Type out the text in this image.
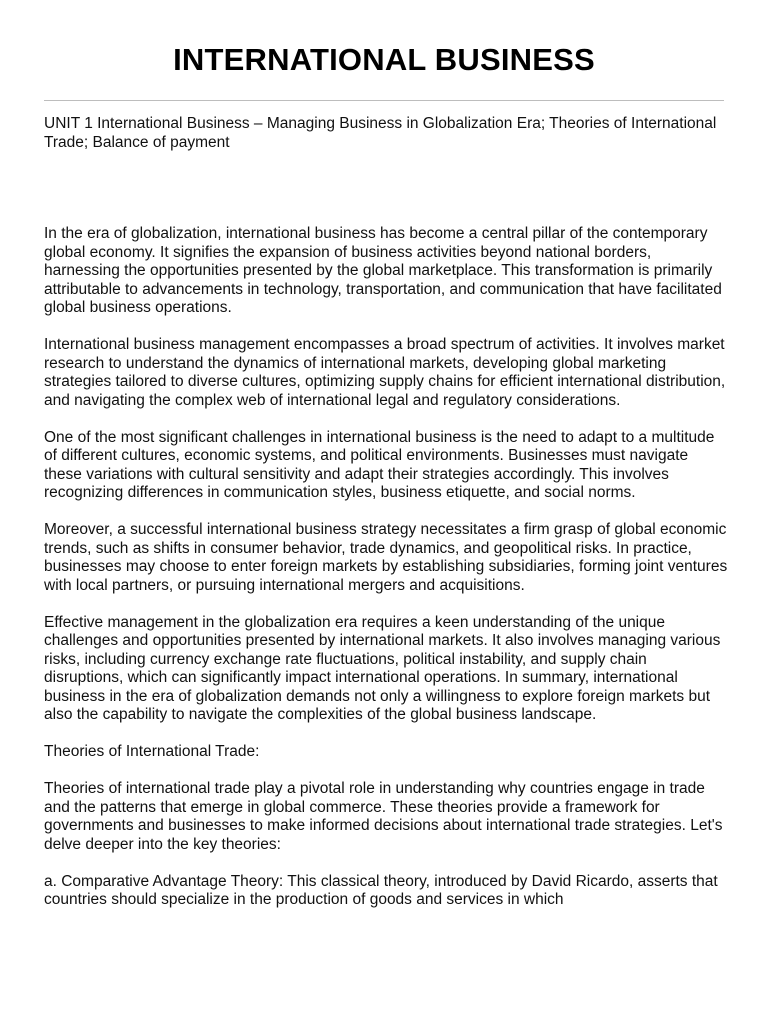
INTERNATIONAL BUSINESS

UNIT 1 International Business – Managing Business in Globalization Era; Theories of International Trade; Balance of payment

In the era of globalization, international business has become a central pillar of the contemporary global economy. It signifies the expansion of business activities beyond national borders, harnessing the opportunities presented by the global marketplace. This transformation is primarily attributable to advancements in technology, transportation, and communication that have facilitated global business operations.

International business management encompasses a broad spectrum of activities. It involves market research to understand the dynamics of international markets, developing global marketing strategies tailored to diverse cultures, optimizing supply chains for efficient international distribution, and navigating the complex web of international legal and regulatory considerations.

One of the most significant challenges in international business is the need to adapt to a multitude of different cultures, economic systems, and political environments. Businesses must navigate these variations with cultural sensitivity and adapt their strategies accordingly. This involves recognizing differences in communication styles, business etiquette, and social norms.

Moreover, a successful international business strategy necessitates a firm grasp of global economic trends, such as shifts in consumer behavior, trade dynamics, and geopolitical risks. In practice, businesses may choose to enter foreign markets by establishing subsidiaries, forming joint ventures with local partners, or pursuing international mergers and acquisitions.

Effective management in the globalization era requires a keen understanding of the unique challenges and opportunities presented by international markets. It also involves managing various risks, including currency exchange rate fluctuations, political instability, and supply chain disruptions, which can significantly impact international operations. In summary, international business in the era of globalization demands not only a willingness to explore foreign markets but also the capability to navigate the complexities of the global business landscape.

Theories of International Trade:

Theories of international trade play a pivotal role in understanding why countries engage in trade and the patterns that emerge in global commerce. These theories provide a framework for governments and businesses to make informed decisions about international trade strategies. Let's delve deeper into the key theories:

a. Comparative Advantage Theory: This classical theory, introduced by David Ricardo, asserts that countries should specialize in the production of goods and services in which
